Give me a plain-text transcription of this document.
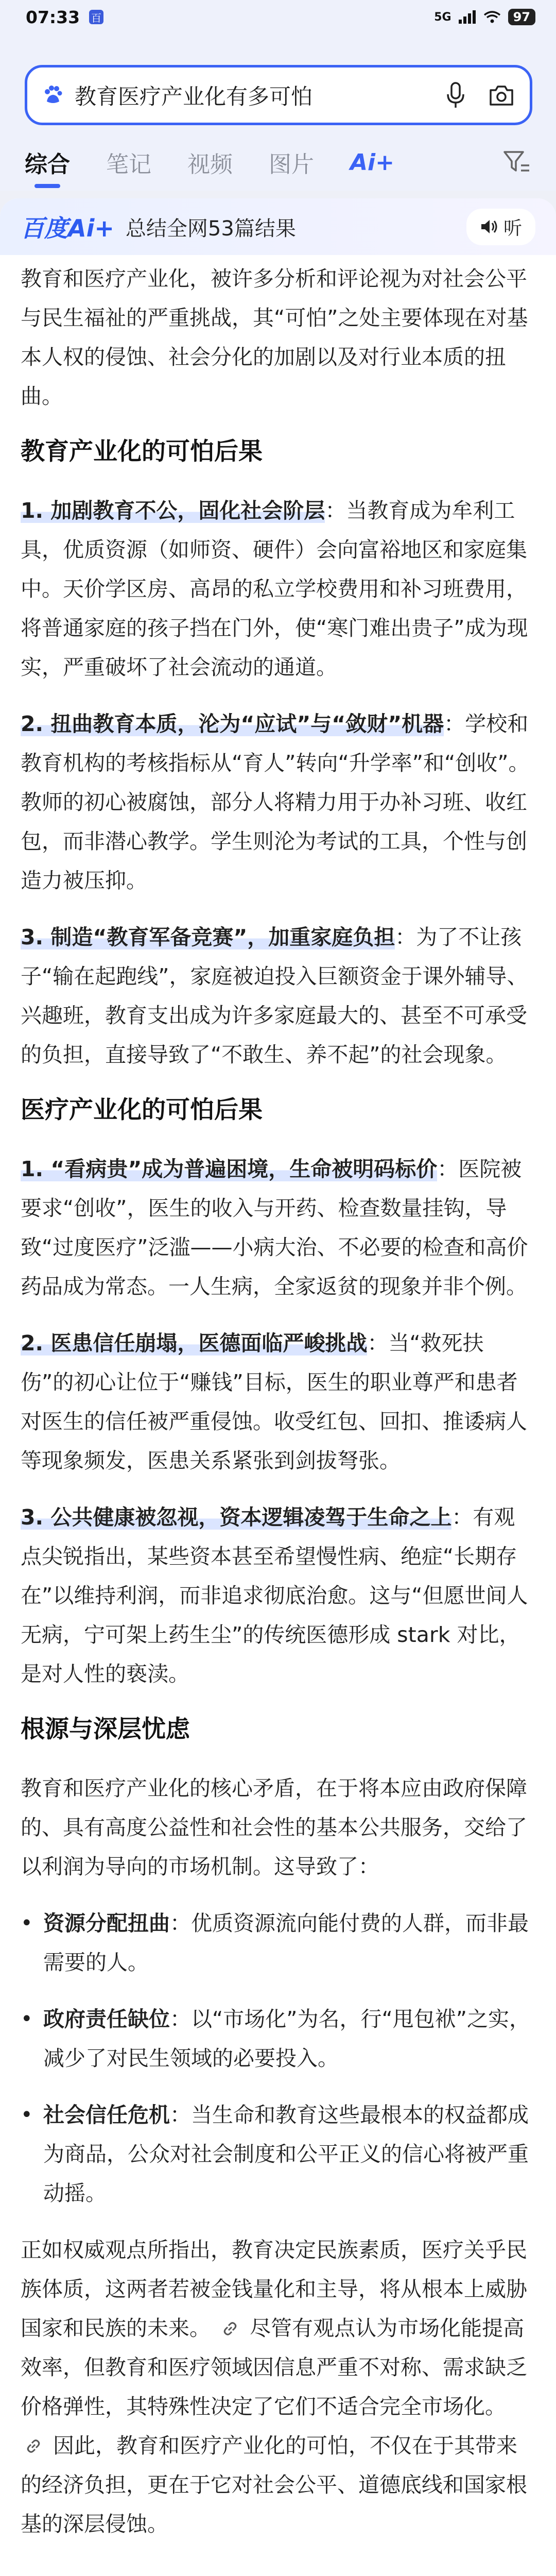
07:33 百	5G	97
教育医疗产业化有多可怕
综合 笔记 视频 图片 Ai+
百度Ai+ 总结全网53篇结果	听

教育和医疗产业化，被许多分析和评论视为对社会公平与民生福祉的严重挑战，其“可怕”之处主要体现在对基本人权的侵蚀、社会分化的加剧以及对行业本质的扭曲。

教育产业化的可怕后果
1. 加剧教育不公，固化社会阶层：当教育成为牟利工具，优质资源（如师资、硬件）会向富裕地区和家庭集中。天价学区房、高昂的私立学校费用和补习班费用，将普通家庭的孩子挡在门外，使“寒门难出贵子”成为现实，严重破坏了社会流动的通道。
2. 扭曲教育本质，沦为“应试”与“敛财”机器：学校和教育机构的考核指标从“育人”转向“升学率”和“创收”。教师的初心被腐蚀，部分人将精力用于办补习班、收红包，而非潜心教学。学生则沦为考试的工具，个性与创造力被压抑。
3. 制造“教育军备竞赛”，加重家庭负担：为了不让孩子“输在起跑线”，家庭被迫投入巨额资金于课外辅导、兴趣班，教育支出成为许多家庭最大的、甚至不可承受的负担，直接导致了“不敢生、养不起”的社会现象。
医疗产业化的可怕后果
1. “看病贵”成为普遍困境，生命被明码标价：医院被要求“创收”，医生的收入与开药、检查数量挂钩，导致“过度医疗”泛滥——小病大治、不必要的检查和高价药品成为常态。一人生病，全家返贫的现象并非个例。
2. 医患信任崩塌，医德面临严峻挑战：当“救死扶伤”的初心让位于“赚钱”目标，医生的职业尊严和患者对医生的信任被严重侵蚀。收受红包、回扣、推诿病人等现象频发，医患关系紧张到剑拔弩张。
3. 公共健康被忽视，资本逻辑凌驾于生命之上：有观点尖锐指出，某些资本甚至希望慢性病、绝症“长期存在”以维持利润，而非追求彻底治愈。这与“但愿世间人无病，宁可架上药生尘”的传统医德形成 stark 对比，是对人性的亵渎。
根源与深层忧虑

教育和医疗产业化的核心矛盾，在于将本应由政府保障的、具有高度公益性和社会性的基本公共服务，交给了以利润为导向的市场机制。这导致了：

• 资源分配扭曲：优质资源流向能付费的人群，而非最需要的人。
• 政府责任缺位：以“市场化”为名，行“甩包袱”之实，减少了对民生领域的必要投入。
• 社会信任危机：当生命和教育这些最根本的权益都成为商品，公众对社会制度和公平正义的信心将被严重动摇。

正如权威观点所指出，教育决定民族素质，医疗关乎民族体质，这两者若被金钱量化和主导，将从根本上威胁国家和民族的未来。 尽管有观点认为市场化能提高效率，但教育和医疗领域因信息严重不对称、需求缺乏价格弹性，其特殊性决定了它们不适合完全市场化。  因此，教育和医疗产业化的可怕，不仅在于其带来的经济负担，更在于它对社会公平、道德底线和国家根基的深层侵蚀。
